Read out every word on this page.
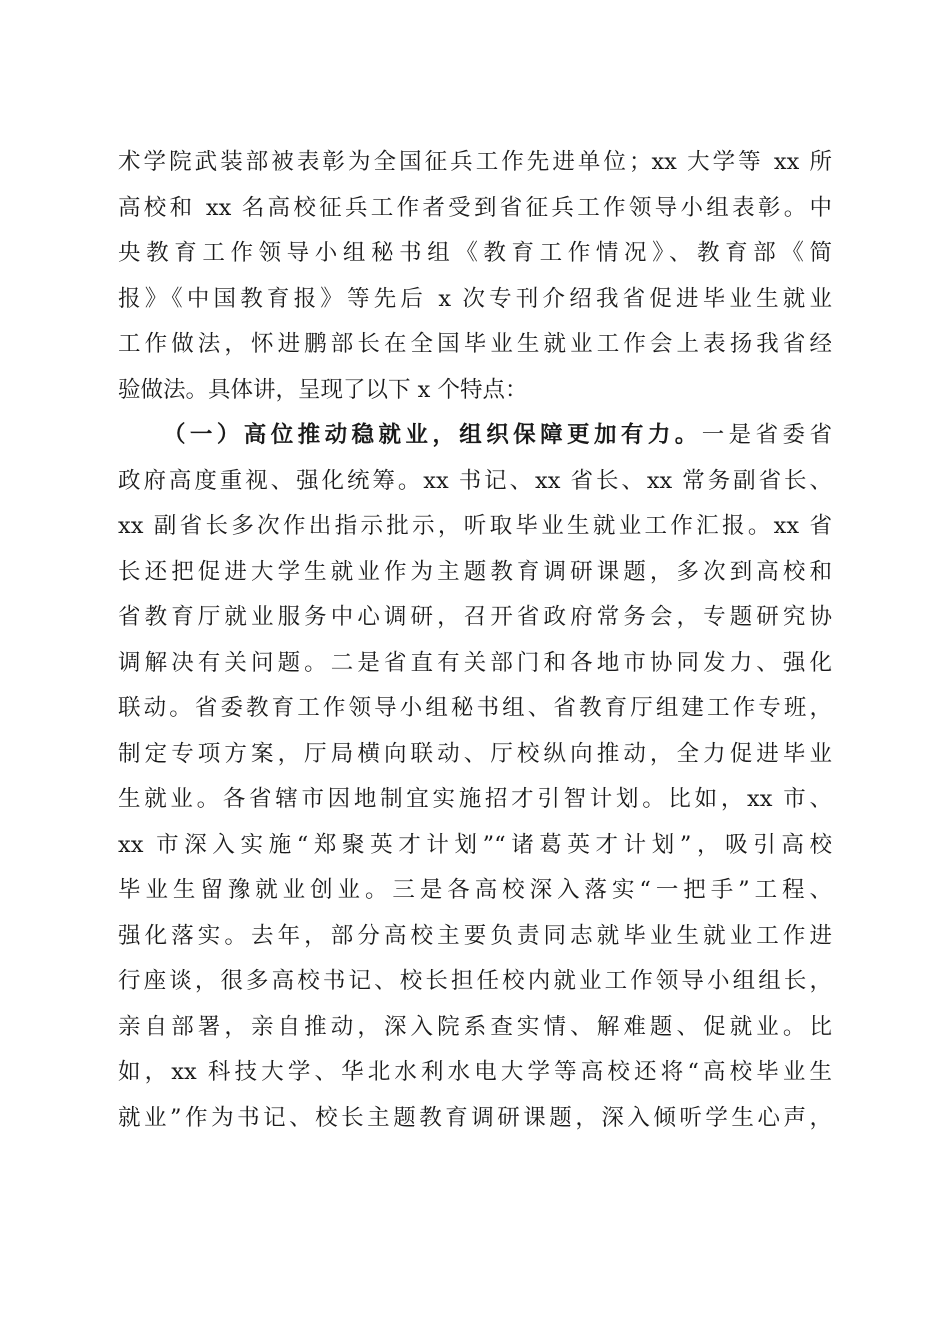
术学院武装部被表彰为全国征兵工作先进单位；xx 大学等 xx 所
高校和 xx 名高校征兵工作者受到省征兵工作领导小组表彰。中
央教育工作领导小组秘书组《教育工作情况》、教育部《简
报》《中国教育报》等先后 x 次专刊介绍我省促进毕业生就业
工作做法，怀进鹏部长在全国毕业生就业工作会上表扬我省经
验做法。具体讲，呈现了以下 x 个特点：
（一）高位推动稳就业，组织保障更加有力。一是省委省
政府高度重视、强化统筹。xx 书记、xx 省长、xx 常务副省长、
xx 副省长多次作出指示批示，听取毕业生就业工作汇报。xx 省
长还把促进大学生就业作为主题教育调研课题，多次到高校和
省教育厅就业服务中心调研，召开省政府常务会，专题研究协
调解决有关问题。二是省直有关部门和各地市协同发力、强化
联动。省委教育工作领导小组秘书组、省教育厅组建工作专班，
制定专项方案，厅局横向联动、厅校纵向推动，全力促进毕业
生就业。各省辖市因地制宜实施招才引智计划。比如，xx 市、
xx 市深入实施“郑聚英才计划”“诸葛英才计划”，吸引高校
毕业生留豫就业创业。三是各高校深入落实“一把手”工程、
强化落实。去年，部分高校主要负责同志就毕业生就业工作进
行座谈，很多高校书记、校长担任校内就业工作领导小组组长，
亲自部署，亲自推动，深入院系查实情、解难题、促就业。比
如，xx 科技大学、华北水利水电大学等高校还将“高校毕业生
就业”作为书记、校长主题教育调研课题，深入倾听学生心声，
